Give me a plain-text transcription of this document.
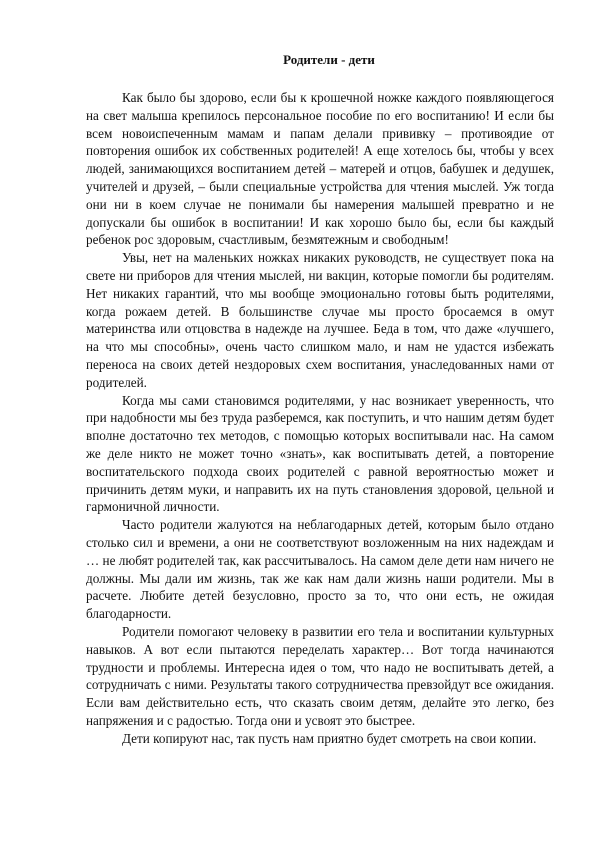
Родители - дети

Как было бы здорово, если бы к крошечной ножке каждого появляющегося на свет малыша крепилось персональное пособие по его воспитанию! И если бы всем новоиспеченным мамам и папам делали прививку – противоядие от повторения ошибок их собственных родителей! А еще хотелось бы, чтобы у всех людей, занимающихся воспитанием детей – матерей и отцов, бабушек и дедушек, учителей и друзей, – были специальные устройства для чтения мыслей. Уж тогда они ни в коем случае не понимали бы намерения малышей превратно и не допускали бы ошибок в воспитании! И как хорошо было бы, если бы каждый ребенок рос здоровым, счастливым, безмятежным и свободным!

Увы, нет на маленьких ножках никаких руководств, не существует пока на свете ни приборов для чтения мыслей, ни вакцин, которые помогли бы родителям. Нет никаких гарантий, что мы вообще эмоционально готовы быть родителями, когда рожаем детей. В большинстве случае мы просто бросаемся в омут материнства или отцовства в надежде на лучшее. Беда в том, что даже «лучшего, на что мы способны», очень часто слишком мало, и нам не удастся избежать переноса на своих детей нездоровых схем воспитания, унаследованных нами от родителей.

Когда мы сами становимся родителями, у нас возникает уверенность, что при надобности мы без труда разберемся, как поступить, и что нашим детям будет вполне достаточно тех методов, с помощью которых воспитывали нас. На самом же деле никто не может точно «знать», как воспитывать детей, а повторение воспитательского подхода своих родителей с равной вероятностью может и причинить детям муки, и направить их на путь становления здоровой, цельной и гармоничной личности.

Часто родители жалуются на неблагодарных детей, которым было отдано столько сил и времени, а они не соответствуют возложенным на них надеждам и … не любят родителей так, как рассчитывалось. На самом деле дети нам ничего не должны. Мы дали им жизнь, так же как нам дали жизнь наши родители. Мы в расчете. Любите детей безусловно, просто за то, что они есть, не ожидая благодарности.

Родители помогают человеку в развитии его тела и воспитании культурных навыков. А вот если пытаются переделать характер… Вот тогда начинаются трудности и проблемы. Интересна идея о том, что надо не воспитывать детей, а сотрудничать с ними. Результаты такого сотрудничества превзойдут все ожидания. Если вам действительно есть, что сказать своим детям, делайте это легко, без напряжения и с радостью. Тогда они и усвоят это быстрее.

Дети копируют нас, так пусть нам приятно будет смотреть на свои копии.
